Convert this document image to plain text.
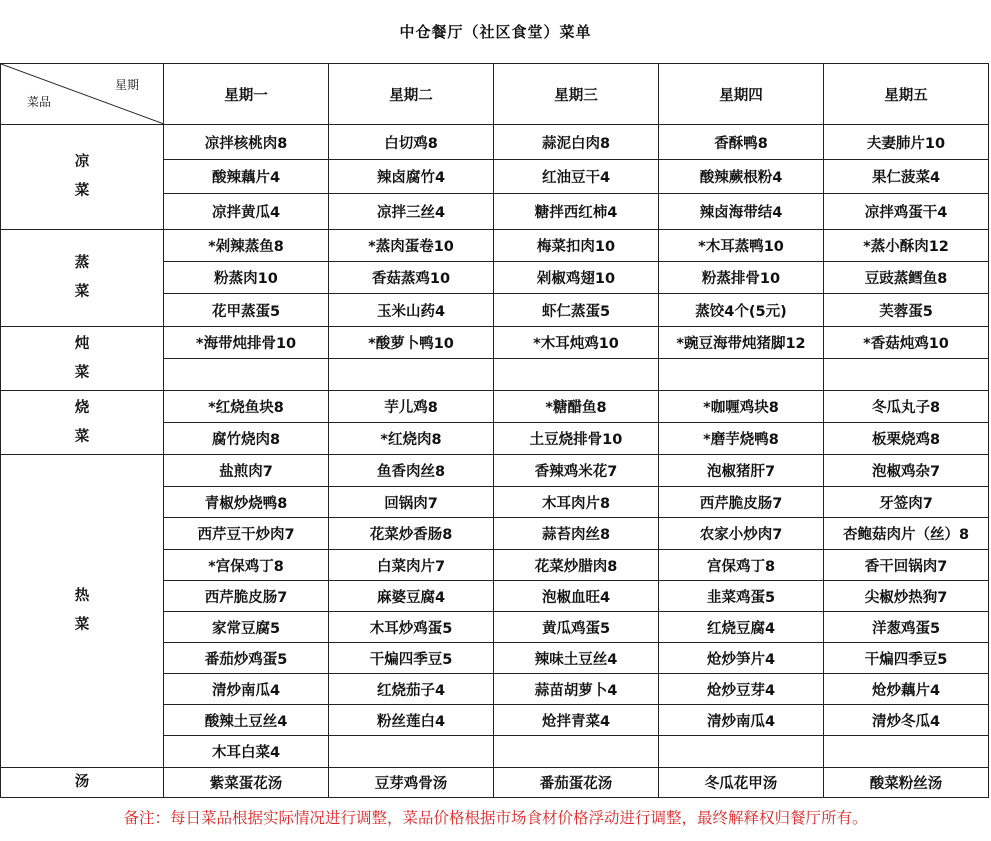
中仓餐厅（社区食堂）菜单
星期
菜品	星期一	星期二	星期三	星期四	星期五

凉
菜	凉拌核桃肉8	白切鸡8	蒜泥白肉8	香酥鸭8	夫妻肺片10
	酸辣藕片4	辣卤腐竹4	红油豆干4	酸辣蕨根粉4	果仁菠菜4
	凉拌黄瓜4	凉拌三丝4	糖拌西红柿4	辣卤海带结4	凉拌鸡蛋干4

蒸
菜	*剁辣蒸鱼8	*蒸肉蛋卷10	梅菜扣肉10	*木耳蒸鸭10	*蒸小酥肉12
	粉蒸肉10	香菇蒸鸡10	剁椒鸡翅10	粉蒸排骨10	豆豉蒸鳕鱼8
	花甲蒸蛋5	玉米山药4	虾仁蒸蛋5	蒸饺4个(5元)	芙蓉蛋5

炖
菜	*海带炖排骨10	*酸萝卜鸭10	*木耳炖鸡10	*豌豆海带炖猪脚12	*香菇炖鸡10

烧
菜	*红烧鱼块8	芋儿鸡8	*糖醋鱼8	*咖喱鸡块8	冬瓜丸子8
	腐竹烧肉8	*红烧肉8	土豆烧排骨10	*磨芋烧鸭8	板栗烧鸡8

热
菜	盐煎肉7	鱼香肉丝8	香辣鸡米花7	泡椒猪肝7	泡椒鸡杂7
	青椒炒烧鸭8	回锅肉7	木耳肉片8	西芹脆皮肠7	牙签肉7
	西芹豆干炒肉7	花菜炒香肠8	蒜苔肉丝8	农家小炒肉7	杏鲍菇肉片（丝）8
	*宫保鸡丁8	白菜肉片7	花菜炒腊肉8	宫保鸡丁8	香干回锅肉7
	西芹脆皮肠7	麻婆豆腐4	泡椒血旺4	韭菜鸡蛋5	尖椒炒热狗7
	家常豆腐5	木耳炒鸡蛋5	黄瓜鸡蛋5	红烧豆腐4	洋葱鸡蛋5
	番茄炒鸡蛋5	干煸四季豆5	辣味土豆丝4	炝炒笋片4	干煸四季豆5
	清炒南瓜4	红烧茄子4	蒜苗胡萝卜4	炝炒豆芽4	炝炒藕片4
	酸辣土豆丝4	粉丝莲白4	炝拌青菜4	清炒南瓜4	清炒冬瓜4
	木耳白菜4				

汤	紫菜蛋花汤	豆芽鸡骨汤	番茄蛋花汤	冬瓜花甲汤	酸菜粉丝汤
备注：每日菜品根据实际情况进行调整，菜品价格根据市场食材价格浮动进行调整，最终解释权归餐厅所有。
